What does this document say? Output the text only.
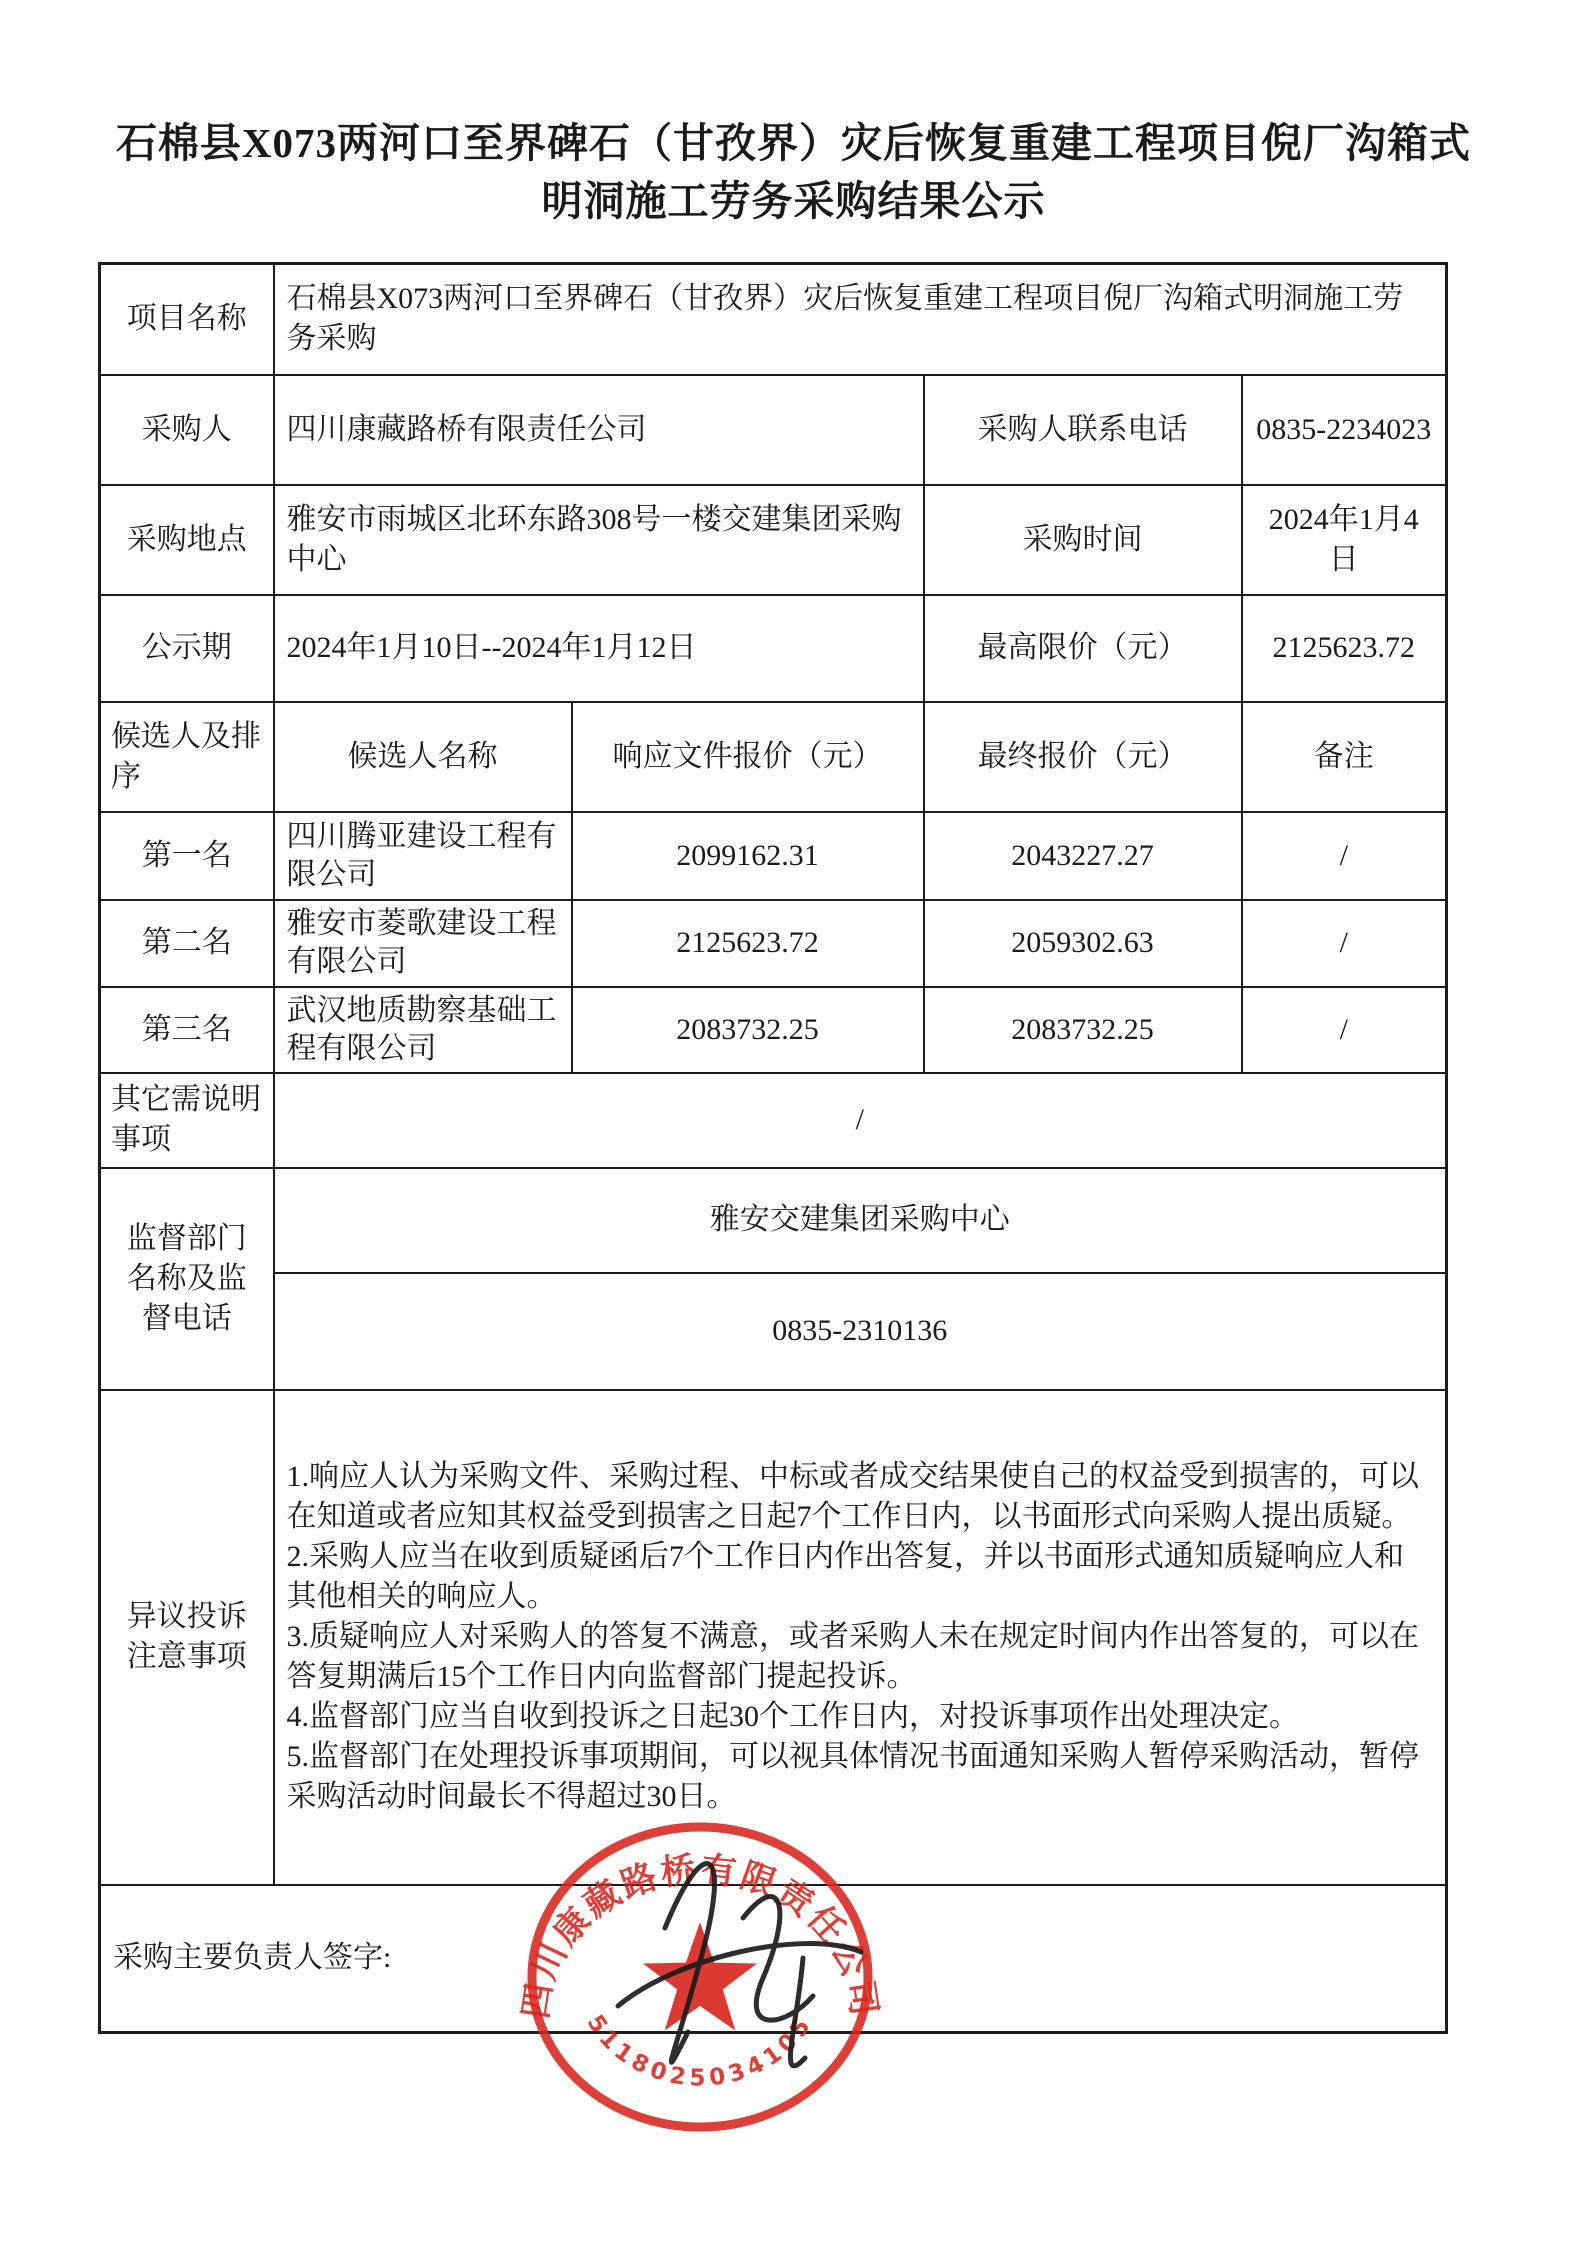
石棉县X073两河口至界碑石（甘孜界）灾后恢复重建工程项目倪厂沟箱式
明洞施工劳务采购结果公示
项目名称	石棉县X073两河口至界碑石（甘孜界）灾后恢复重建工程项目倪厂沟箱式明洞施工劳务采购			
采购人	四川康藏路桥有限责任公司		采购人联系电话	0835-2234023
采购地点	雅安市雨城区北环东路308号一楼交建集团采购中心		采购时间	2024年1月4日
公示期	2024年1月10日--2024年1月12日		最高限价（元）	2125623.72
候选人及排序	候选人名称	响应文件报价（元）	最终报价（元）	备注
第一名	四川腾亚建设工程有限公司	2099162.31	2043227.27	/
第二名	雅安市菱歌建设工程有限公司	2125623.72	2059302.63	/
第三名	武汉地质勘察基础工程有限公司	2083732.25	2083732.25	/
其它需说明事项	/			
监督部门名称及监督电话	雅安交建集团采购中心			
	0835-2310136			
异议投诉注意事项	1.响应人认为采购文件、采购过程、中标或者成交结果使自己的权益受到损害的，可以在知道或者应知其权益受到损害之日起7个工作日内，以书面形式向采购人提出质疑。
2.采购人应当在收到质疑函后7个工作日内作出答复，并以书面形式通知质疑响应人和其他相关的响应人。
3.质疑响应人对采购人的答复不满意，或者采购人未在规定时间内作出答复的，可以在答复期满后15个工作日内向监督部门提起投诉。
4.监督部门应当自收到投诉之日起30个工作日内，对投诉事项作出处理决定。
5.监督部门在处理投诉事项期间，可以视具体情况书面通知采购人暂停采购活动，暂停采购活动时间最长不得超过30日。			

采购主要负责人签字:				
四川康藏路桥有限责任公司
5118025034105
